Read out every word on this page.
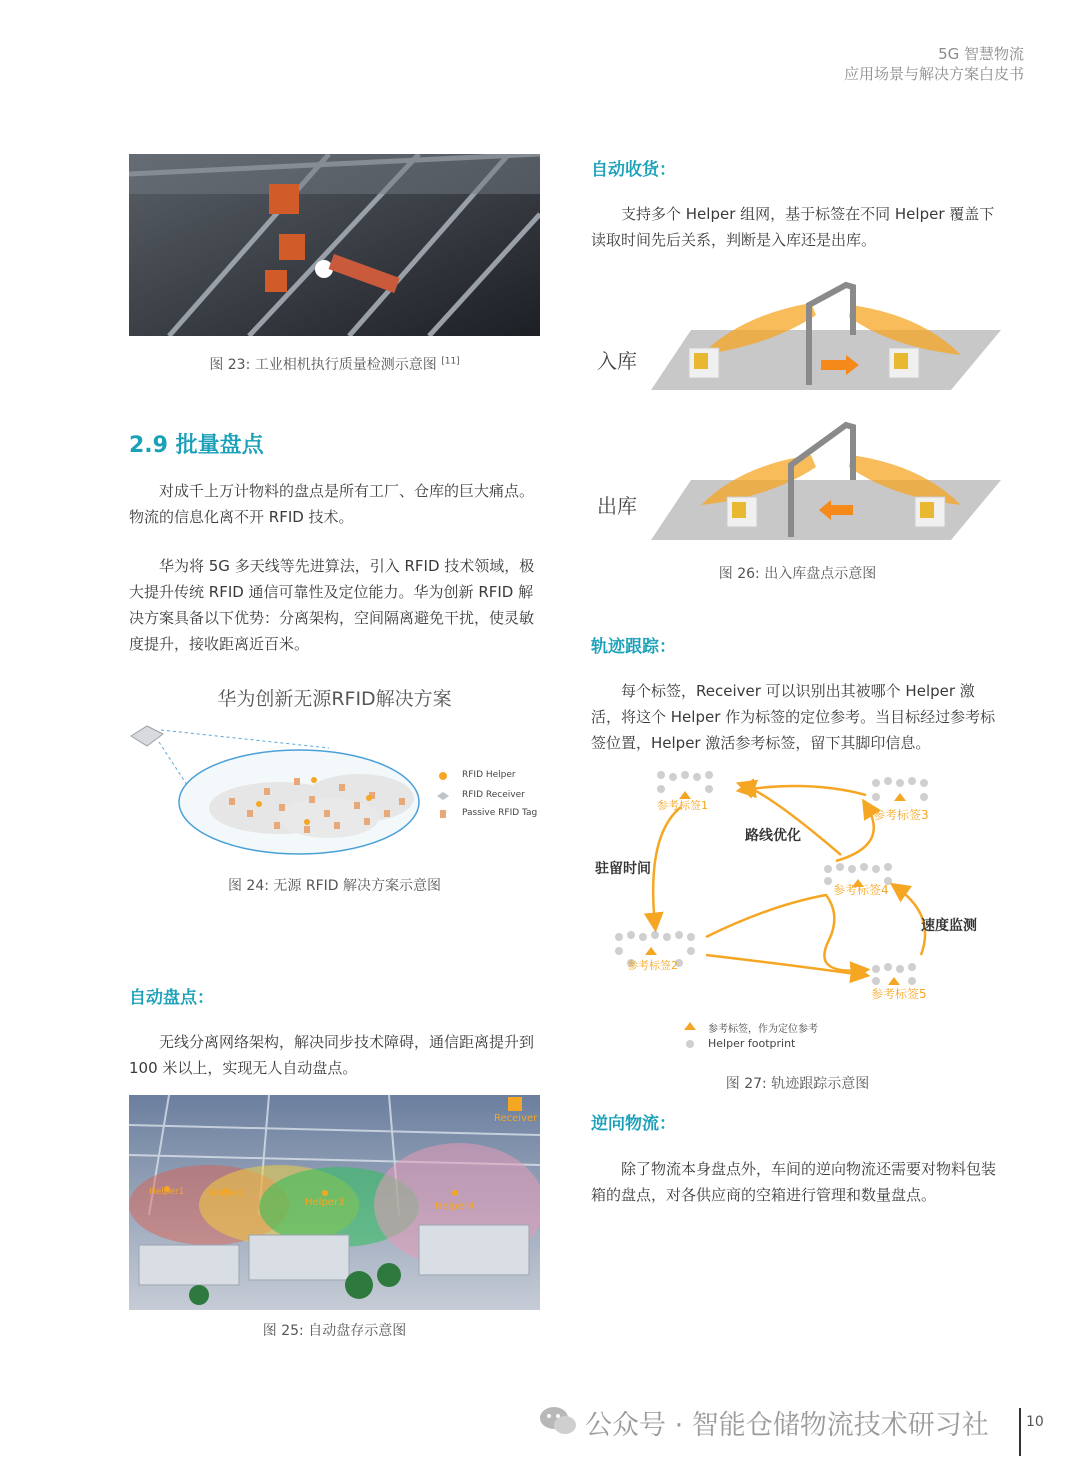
5G 智慧物流
应用场景与解决方案白皮书
图 23: 工业相机执行质量检测示意图 [11]
2.9 批量盘点

对成千上万计物料的盘点是所有工厂、仓库的巨大痛点。物流的信息化离不开 RFID 技术。

华为将 5G 多天线等先进算法，引入 RFID 技术领域，极大提升传统 RFID 通信可靠性及定位能力。华为创新 RFID 解决方案具备以下优势：分离架构，空间隔离避免干扰，使灵敏度提升，接收距离近百米。

华为创新无源RFID解决方案
RFID Helper
RFID Receiver
Passive RFID Tag
图 24: 无源 RFID 解决方案示意图
自动盘点：

无线分离网络架构，解决同步技术障碍，通信距离提升到 100 米以上，实现无人自动盘点。

Receiver
Helper1	Helper2
Helper3	Helper4
图 25: 自动盘存示意图
自动收货：

支持多个 Helper 组网，基于标签在不同 Helper 覆盖下读取时间先后关系，判断是入库还是出库。

入库
出库
图 26: 出入库盘点示意图
轨迹跟踪：

每个标签，Receiver 可以识别出其被哪个 Helper 激活，将这个 Helper 作为标签的定位参考。当目标经过参考标签位置，Helper 激活参考标签，留下其脚印信息。

参考标签1
参考标签2
参考标签3
参考标签4
参考标签5
路线优化
驻留时间
速度监测
参考标签，作为定位参考
Helper footprint
图 27: 轨迹跟踪示意图
逆向物流：

除了物流本身盘点外，车间的逆向物流还需要对物料包装箱的盘点，对各供应商的空箱进行管理和数量盘点。

公众号 · 智能仓储物流技术研习社	10
